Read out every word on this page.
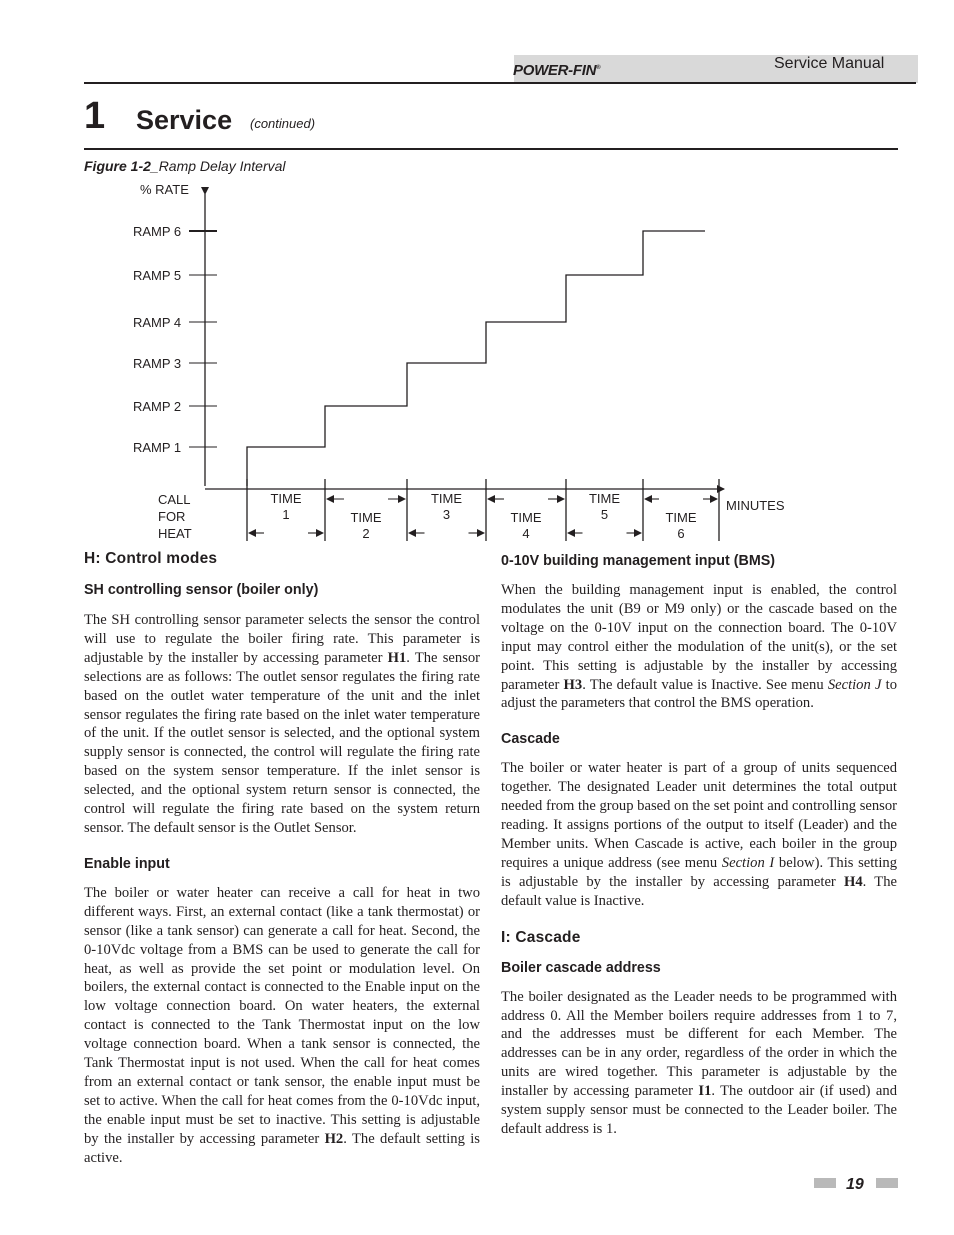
Service Manual
POWER-FIN®
1 Service (continued)
Figure 1-2_Ramp Delay Interval
% RATE
RAMP 1
RAMP 2
RAMP 3
RAMP 4
RAMP 5
RAMP 6
MINUTES
CALL
FOR
HEAT
TIME
1	TIME
2
TIME
3	TIME
4
TIME
5	TIME
6
H: Control modes
SH controlling sensor (boiler only)

The SH controlling sensor parameter selects the sensor the control will use to regulate the boiler firing rate. This parameter is adjustable by the installer by accessing parameter H1. The sensor selections are as follows: The outlet sensor regulates the firing rate based on the outlet water temperature of the unit and the inlet sensor regulates the firing rate based on the inlet water temperature of the unit. If the outlet sensor is selected, and the optional system supply sensor is connected, the control will regulate the firing rate based on the system sensor temperature. If the inlet sensor is selected, and the optional system return sensor is connected, the control will regulate the firing rate based on the system return sensor. The default sensor is the Outlet Sensor.

Enable input

The boiler or water heater can receive a call for heat in two different ways. First, an external contact (like a tank thermostat) or sensor (like a tank sensor) can generate a call for heat. Second, the 0-10Vdc voltage from a BMS can be used to generate the call for heat, as well as provide the set point or modulation level. On boilers, the external contact is connected to the Enable input on the low voltage connection board. On water heaters, the external contact is connected to the Tank Thermostat input on the low voltage connection board. When a tank sensor is connected, the Tank Thermostat input is not used. When the call for heat comes from an external contact or tank sensor, the enable input must be set to active. When the call for heat comes from the 0-10Vdc input, the enable input must be set to inactive. This setting is adjustable by the installer by accessing parameter H2. The default setting is active.

0-10V building management input (BMS)

When the building management input is enabled, the control modulates the unit (B9 or M9 only) or the cascade based on the voltage on the 0-10V input on the connection board. The 0-10V input may control either the modulation of the unit(s), or the set point. This setting is adjustable by the installer by accessing parameter H3. The default value is Inactive. See menu Section J to adjust the parameters that control the BMS operation.

Cascade

The boiler or water heater is part of a group of units sequenced together. The designated Leader unit determines the total output needed from the group based on the set point and controlling sensor reading. It assigns portions of the output to itself (Leader) and the Member units. When Cascade is active, each boiler in the group requires a unique address (see menu Section I below). This setting is adjustable by the installer by accessing parameter H4. The default value is Inactive.

I: Cascade
Boiler cascade address

The boiler designated as the Leader needs to be programmed with address 0. All the Member boilers require addresses from 1 to 7, and the addresses must be different for each Member. The addresses can be in any order, regardless of the order in which the units are wired together. This parameter is adjustable by the installer by accessing parameter I1. The outdoor air (if used) and system supply sensor must be connected to the Leader boiler. The default address is 1.

19
